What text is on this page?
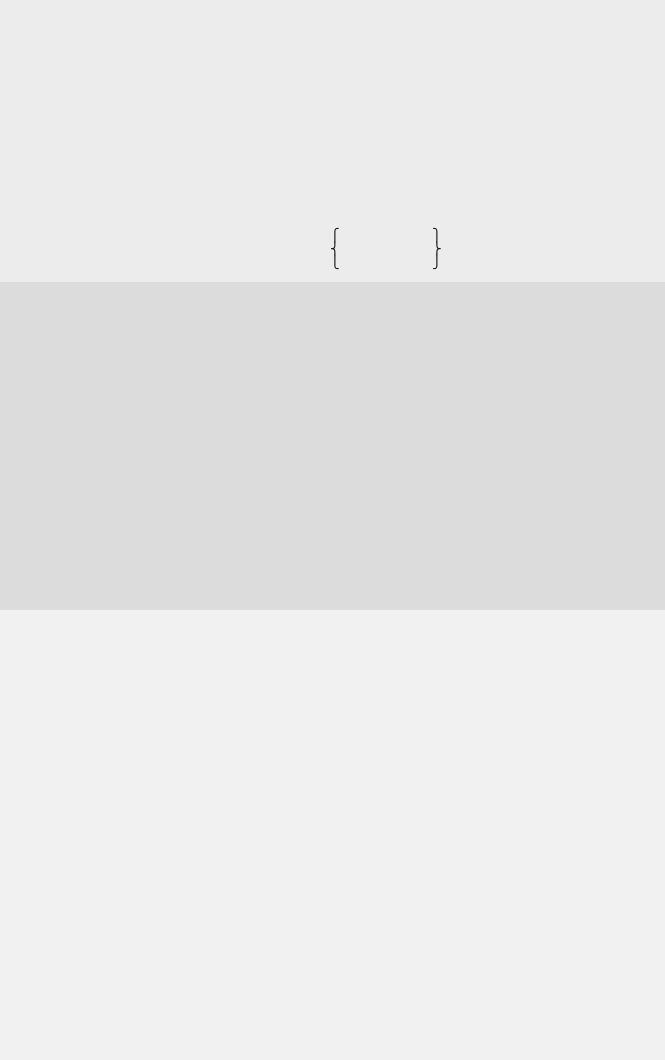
⎧
⎨
⎩
⎫
⎬
⎭
